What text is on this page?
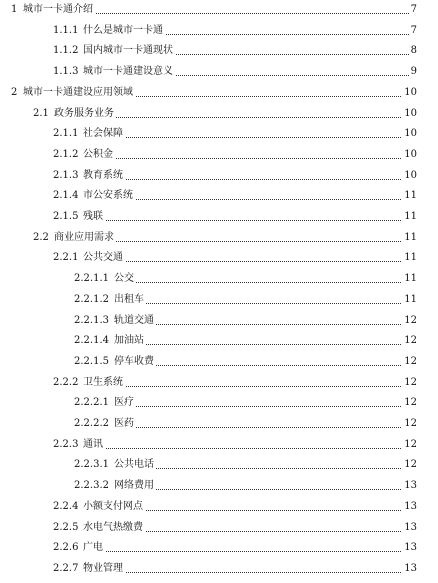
1 城市一卡通介绍	7
1.1.1 什么是城市一卡通	7
1.1.2 国内城市一卡通现状	8
1.1.3 城市一卡通建设意义	9
2 城市一卡通建设应用领域	10
2.1 政务服务业务	10
2.1.1 社会保障	10
2.1.2 公积金	10
2.1.3 教育系统	10
2.1.4 市公安系统	11
2.1.5 残联	11
2.2 商业应用需求	11
2.2.1 公共交通	11
2.2.1.1 公交	11
2.2.1.2 出租车	11
2.2.1.3 轨道交通	12
2.2.1.4 加油站	12
2.2.1.5 停车收费	12
2.2.2 卫生系统	12
2.2.2.1 医疗	12
2.2.2.2 医药	12
2.2.3 通讯	12
2.2.3.1 公共电话	12
2.2.3.2 网络费用	13
2.2.4 小额支付网点	13
2.2.5 水电气热缴费	13
2.2.6 广电	13
2.2.7 物业管理	13
